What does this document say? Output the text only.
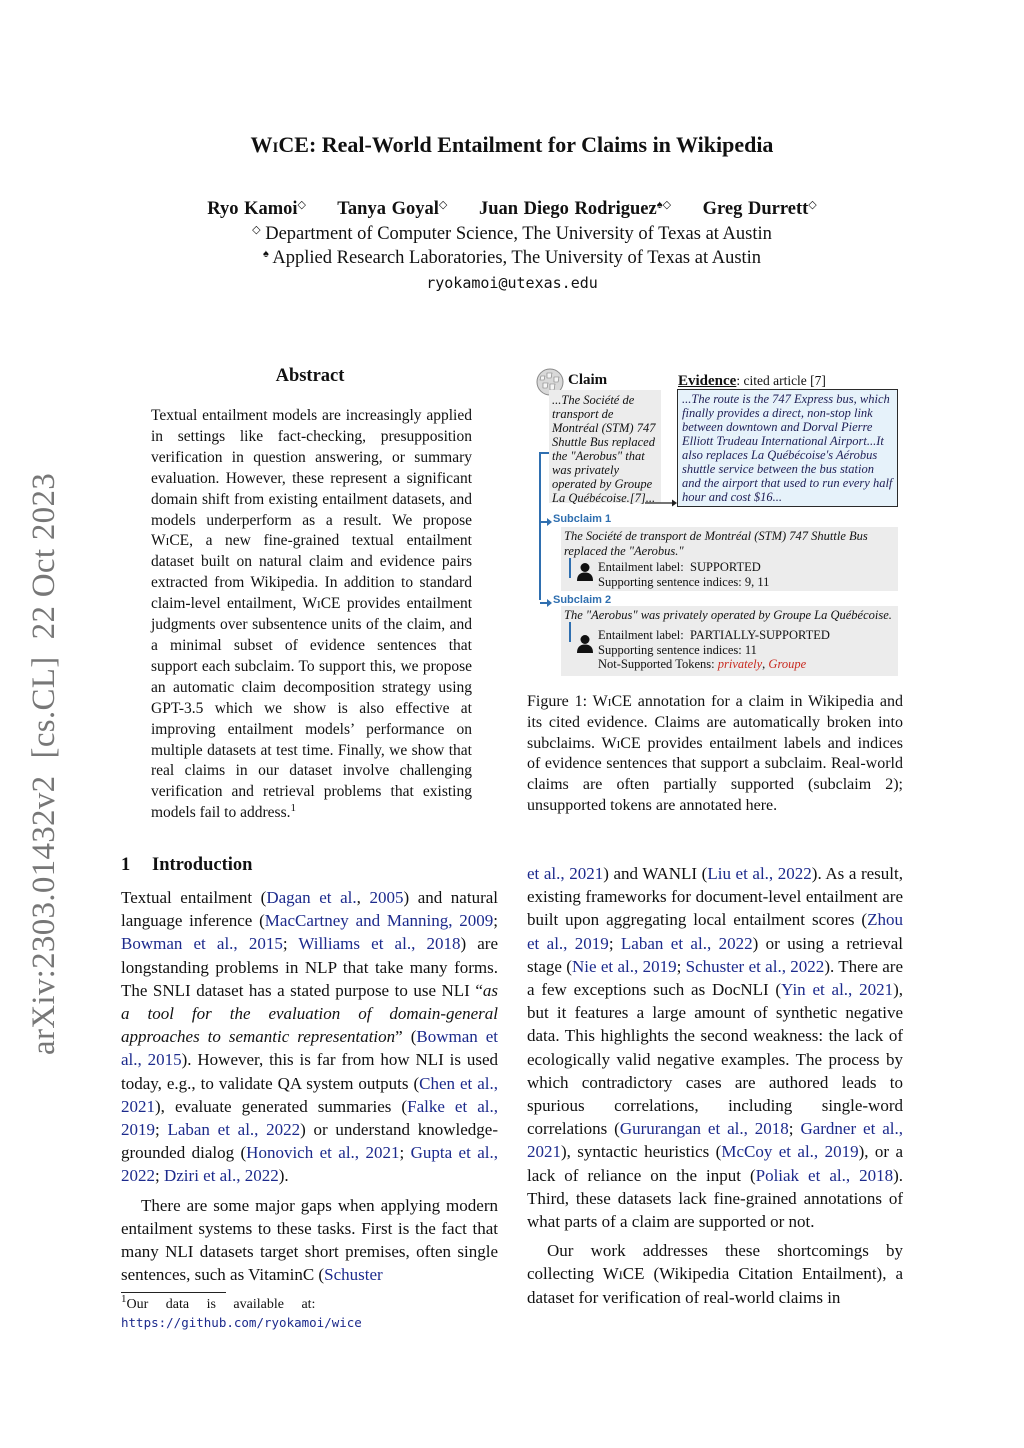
WiCE: Real-World Entailment for Claims in Wikipedia
Ryo Kamoi◇ Tanya Goyal◇ Juan Diego Rodriguez♠◇ Greg Durrett◇
◇ Department of Computer Science, The University of Texas at Austin
♠ Applied Research Laboratories, The University of Texas at Austin
ryokamoi@utexas.edu
arXiv:2303.01432v2  [cs.CL]  22 Oct 2023
Abstract
Textual entailment models are increasingly applied in settings like fact-checking, presupposition verification in question answering, or summary evaluation. However, these represent a significant domain shift from existing entailment datasets, and models underperform as a result. We propose WiCE, a new fine-grained textual entailment dataset built on natural claim and evidence pairs extracted from Wikipedia. In addition to standard claim-level entailment, WiCE provides entailment judgments over subsentence units of the claim, and a minimal subset of evidence sentences that support each subclaim. To support this, we propose an automatic claim decomposition strategy using GPT-3.5 which we show is also effective at improving entailment models’ performance on multiple datasets at test time. Finally, we show that real claims in our dataset involve challenging verification and retrieval problems that existing models fail to address.$^1$
Claim	Evidence: cited article [7]
...The Société de transport de Montréal (STM) 747 Shuttle Bus replaced the "Aerobus" that was privately operated by Groupe La Québécoise.[7]...
...The route is the 747 Express bus, which finally provides a direct, non-stop link between downtown and Dorval Pierre Elliott Trudeau International Airport...It also replaces La Québécoise's Aérobus shuttle service between the bus station and the airport that used to run every half hour and cost $16...
Subclaim 1
The Société de transport de Montréal (STM) 747 Shuttle Bus replaced the "Aerobus."
Entailment label: SUPPORTED
Supporting sentence indices: 9, 11
Subclaim 2
The "Aerobus" was privately operated by Groupe La Québécoise.
Entailment label: PARTIALLY-SUPPORTED
Supporting sentence indices: 11
Not-Supported Tokens: privately, Groupe
Figure 1: WiCE annotation for a claim in Wikipedia and its cited evidence. Claims are automatically broken into subclaims. WiCE provides entailment labels and indices of evidence sentences that support a subclaim. Real-world claims are often partially supported (subclaim 2); unsupported tokens are annotated here.
1 Introduction

Textual entailment (Dagan et al., 2005) and natural language inference (MacCartney and Manning, 2009; Bowman et al., 2015; Williams et al., 2018) are longstanding problems in NLP that take many forms. The SNLI dataset has a stated purpose to use NLI “as a tool for the evaluation of domain-general approaches to semantic representation” (Bowman et al., 2015). However, this is far from how NLI is used today, e.g., to validate QA system outputs (Chen et al., 2021), evaluate generated summaries (Falke et al., 2019; Laban et al., 2022) or understand knowledge-grounded dialog (Honovich et al., 2021; Gupta et al., 2022; Dziri et al., 2022).

There are some major gaps when applying modern entailment systems to these tasks. First is the fact that many NLI datasets target short premises, often single sentences, such as VitaminC (Schuster

et al., 2021) and WANLI (Liu et al., 2022). As a result, existing frameworks for document-level entailment are built upon aggregating local entailment scores (Zhou et al., 2019; Laban et al., 2022) or using a retrieval stage (Nie et al., 2019; Schuster et al., 2022). There are a few exceptions such as DocNLI (Yin et al., 2021), but it features a large amount of synthetic negative data. This highlights the second weakness: the lack of ecologically valid negative examples. The process by which contradictory cases are authored leads to spurious correlations, including single-word correlations (Gururangan et al., 2018; Gardner et al., 2021), syntactic heuristics (McCoy et al., 2019), or a lack of reliance on the input (Poliak et al., 2018). Third, these datasets lack fine-grained annotations of what parts of a claim are supported or not.

Our work addresses these shortcomings by collecting WiCE (Wikipedia Citation Entailment), a dataset for verification of real-world claims in

$^1$Our data is available at: https://github.com/ryokamoi/wice
